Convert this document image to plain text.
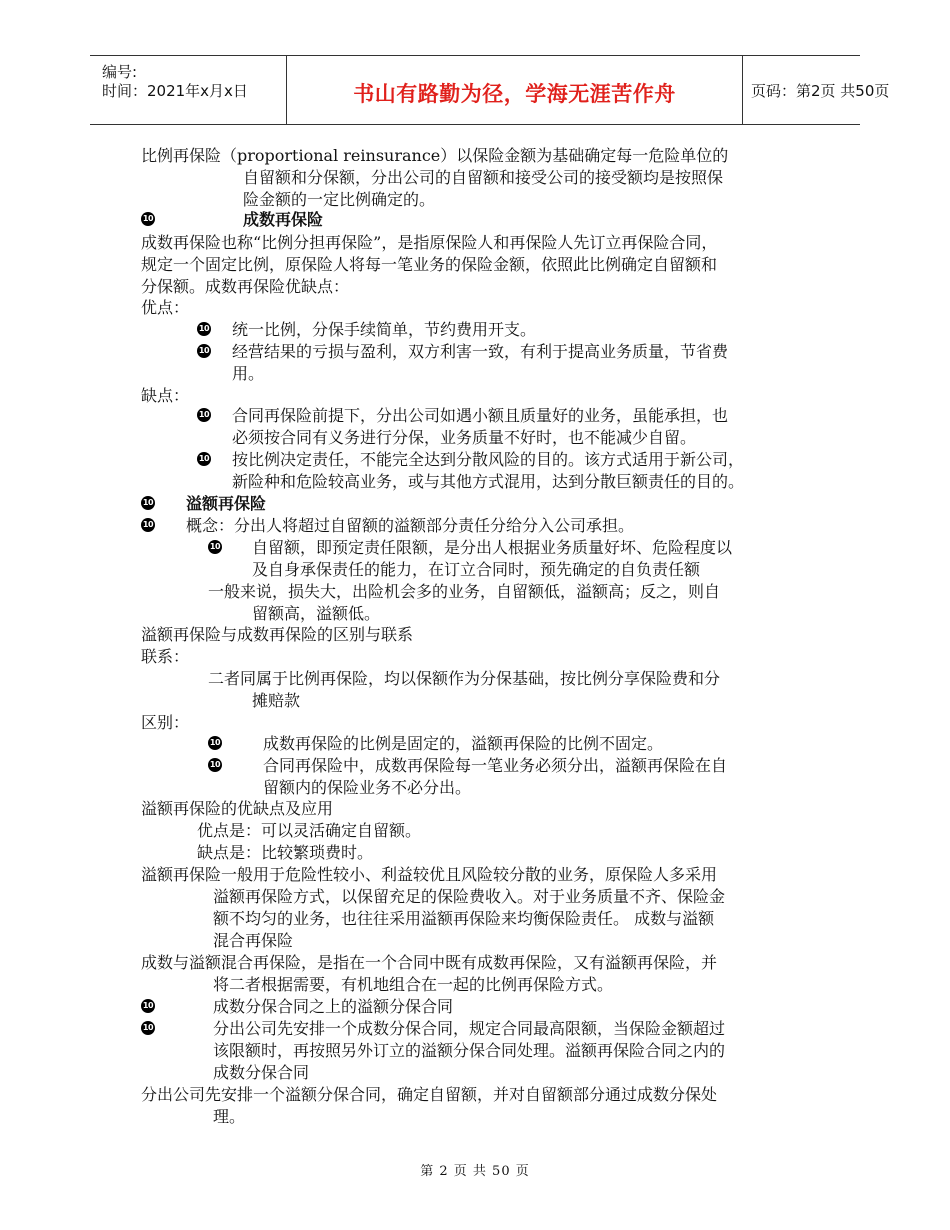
编号:
时间：2021年x月x日	书山有路勤为径，学海无涯苦作舟	页码：第2页 共50页
比例再保险（proportional reinsurance）以保险金额为基础确定每一危险单位的
自留额和分保额，分出公司的自留额和接受公司的接受额均是按照保
险金额的一定比例确定的。
10	成数再保险
成数再保险也称“比例分担再保险”，是指原保险人和再保险人先订立再保险合同，
规定一个固定比例，原保险人将每一笔业务的保险金额，依照此比例确定自留额和
分保额。成数再保险优缺点：
优点：
10 统一比例，分保手续简单，节约费用开支。
10 经营结果的亏损与盈利，双方利害一致，有利于提高业务质量，节省费
用。
缺点：
10 合同再保险前提下，分出公司如遇小额且质量好的业务，虽能承担，也
必须按合同有义务进行分保，业务质量不好时，也不能减少自留。
10 按比例决定责任，不能完全达到分散风险的目的。该方式适用于新公司，
新险种和危险较高业务，或与其他方式混用，达到分散巨额责任的目的。
10 溢额再保险
10 概念：分出人将超过自留额的溢额部分责任分给分入公司承担。
10 自留额，即预定责任限额，是分出人根据业务质量好坏、危险程度以
及自身承保责任的能力，在订立合同时，预先确定的自负责任额
一般来说，损失大，出险机会多的业务，自留额低，溢额高；反之，则自
留额高，溢额低。
溢额再保险与成数再保险的区别与联系
联系：
二者同属于比例再保险，均以保额作为分保基础，按比例分享保险费和分
摊赔款
区别：
10	成数再保险的比例是固定的，溢额再保险的比例不固定。
10	合同再保险中，成数再保险每一笔业务必须分出，溢额再保险在自
留额内的保险业务不必分出。
溢额再保险的优缺点及应用
优点是：可以灵活确定自留额。
缺点是：比较繁琐费时。
溢额再保险一般用于危险性较小、利益较优且风险较分散的业务，原保险人多采用
溢额再保险方式，以保留充足的保险费收入。对于业务质量不齐、保险金
额不均匀的业务，也往往采用溢额再保险来均衡保险责任。 成数与溢额
混合再保险
成数与溢额混合再保险，是指在一个合同中既有成数再保险，又有溢额再保险，并
将二者根据需要，有机地组合在一起的比例再保险方式。
10	成数分保合同之上的溢额分保合同
10	分出公司先安排一个成数分保合同，规定合同最高限额，当保险金额超过
该限额时，再按照另外订立的溢额分保合同处理。溢额再保险合同之内的
成数分保合同
分出公司先安排一个溢额分保合同，确定自留额，并对自留额部分通过成数分保处
理。
第 2 页 共 50 页
